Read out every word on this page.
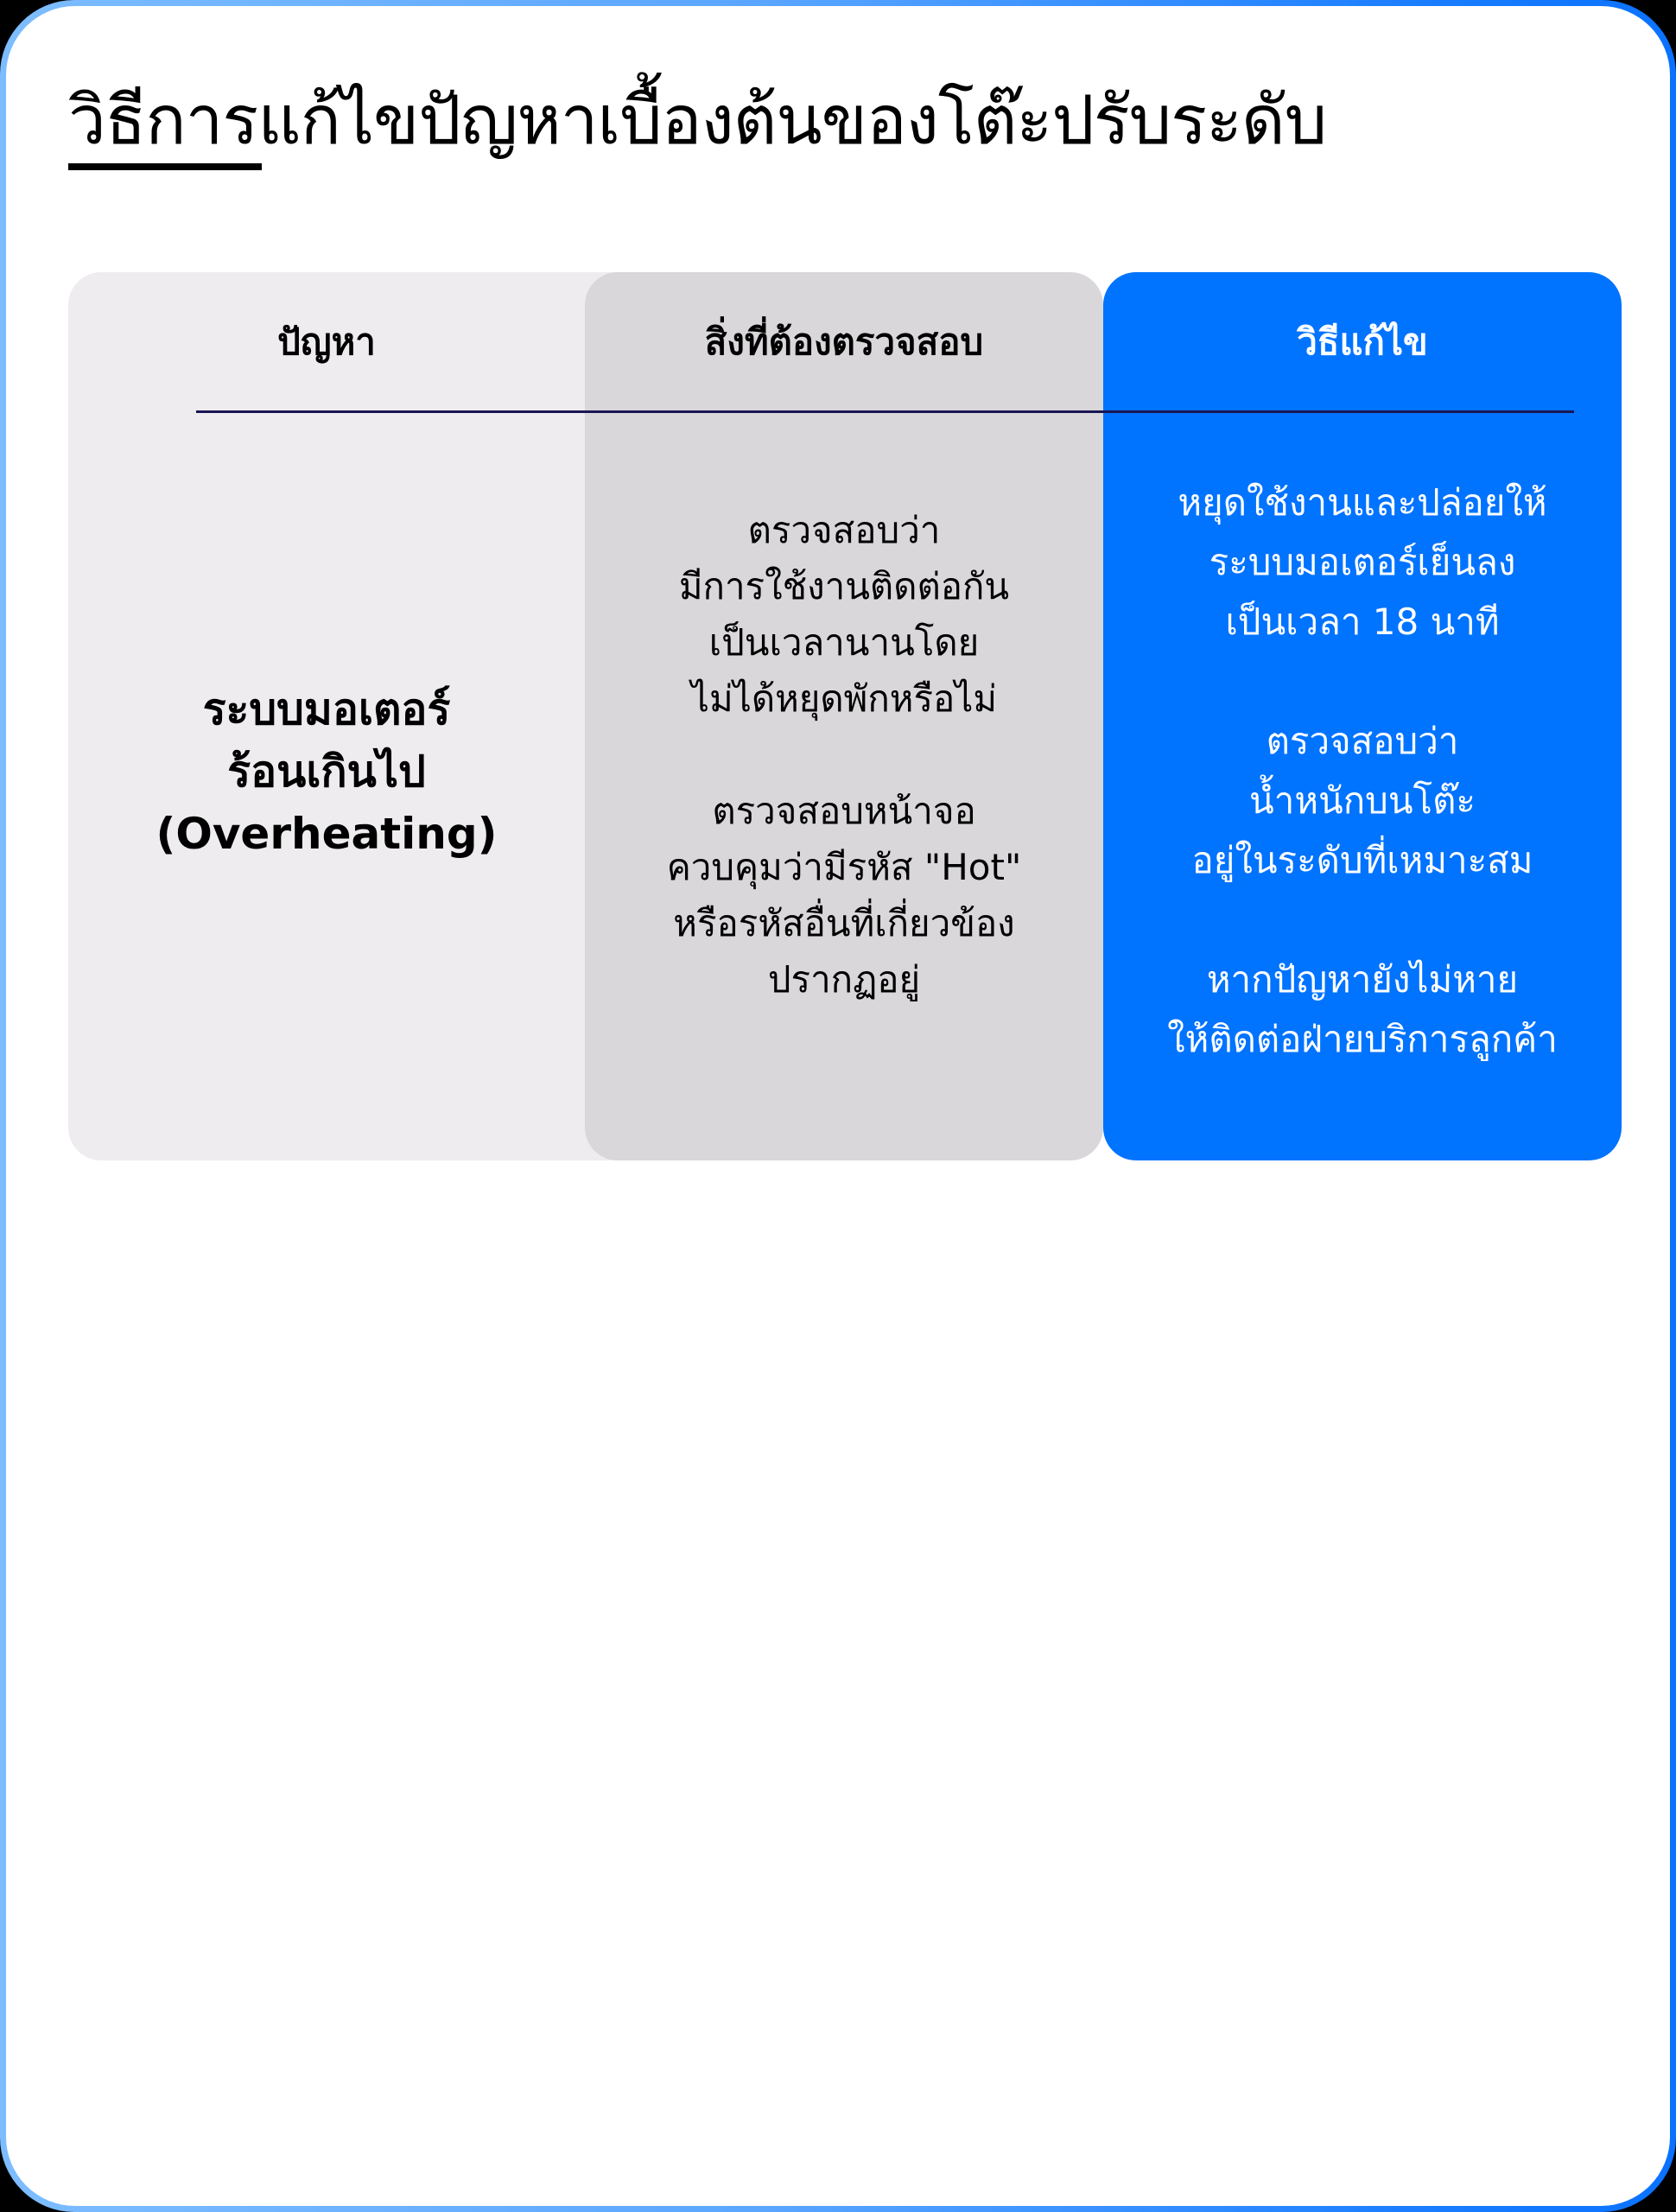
วิธีการแก้ไขปัญหาเบื้องต้นของโต๊ะปรับระดับ
ปัญหา
ระบบมอเตอร์
ร้อนเกินไป
(Overheating)
สิ่งที่ต้องตรวจสอบ
ตรวจสอบว่า
มีการใช้งานติดต่อกัน
เป็นเวลานานโดย
ไม่ได้หยุดพักหรือไม่
ตรวจสอบหน้าจอ
ควบคุมว่ามีรหัส "Hot"
หรือรหัสอื่นที่เกี่ยวข้อง
ปรากฏอยู่
วิธีแก้ไข
หยุดใช้งานและปล่อยให้
ระบบมอเตอร์เย็นลง
เป็นเวลา 18 นาที
ตรวจสอบว่า
น้ำหนักบนโต๊ะ
อยู่ในระดับที่เหมาะสม
หากปัญหายังไม่หาย
ให้ติดต่อฝ่ายบริการลูกค้า
